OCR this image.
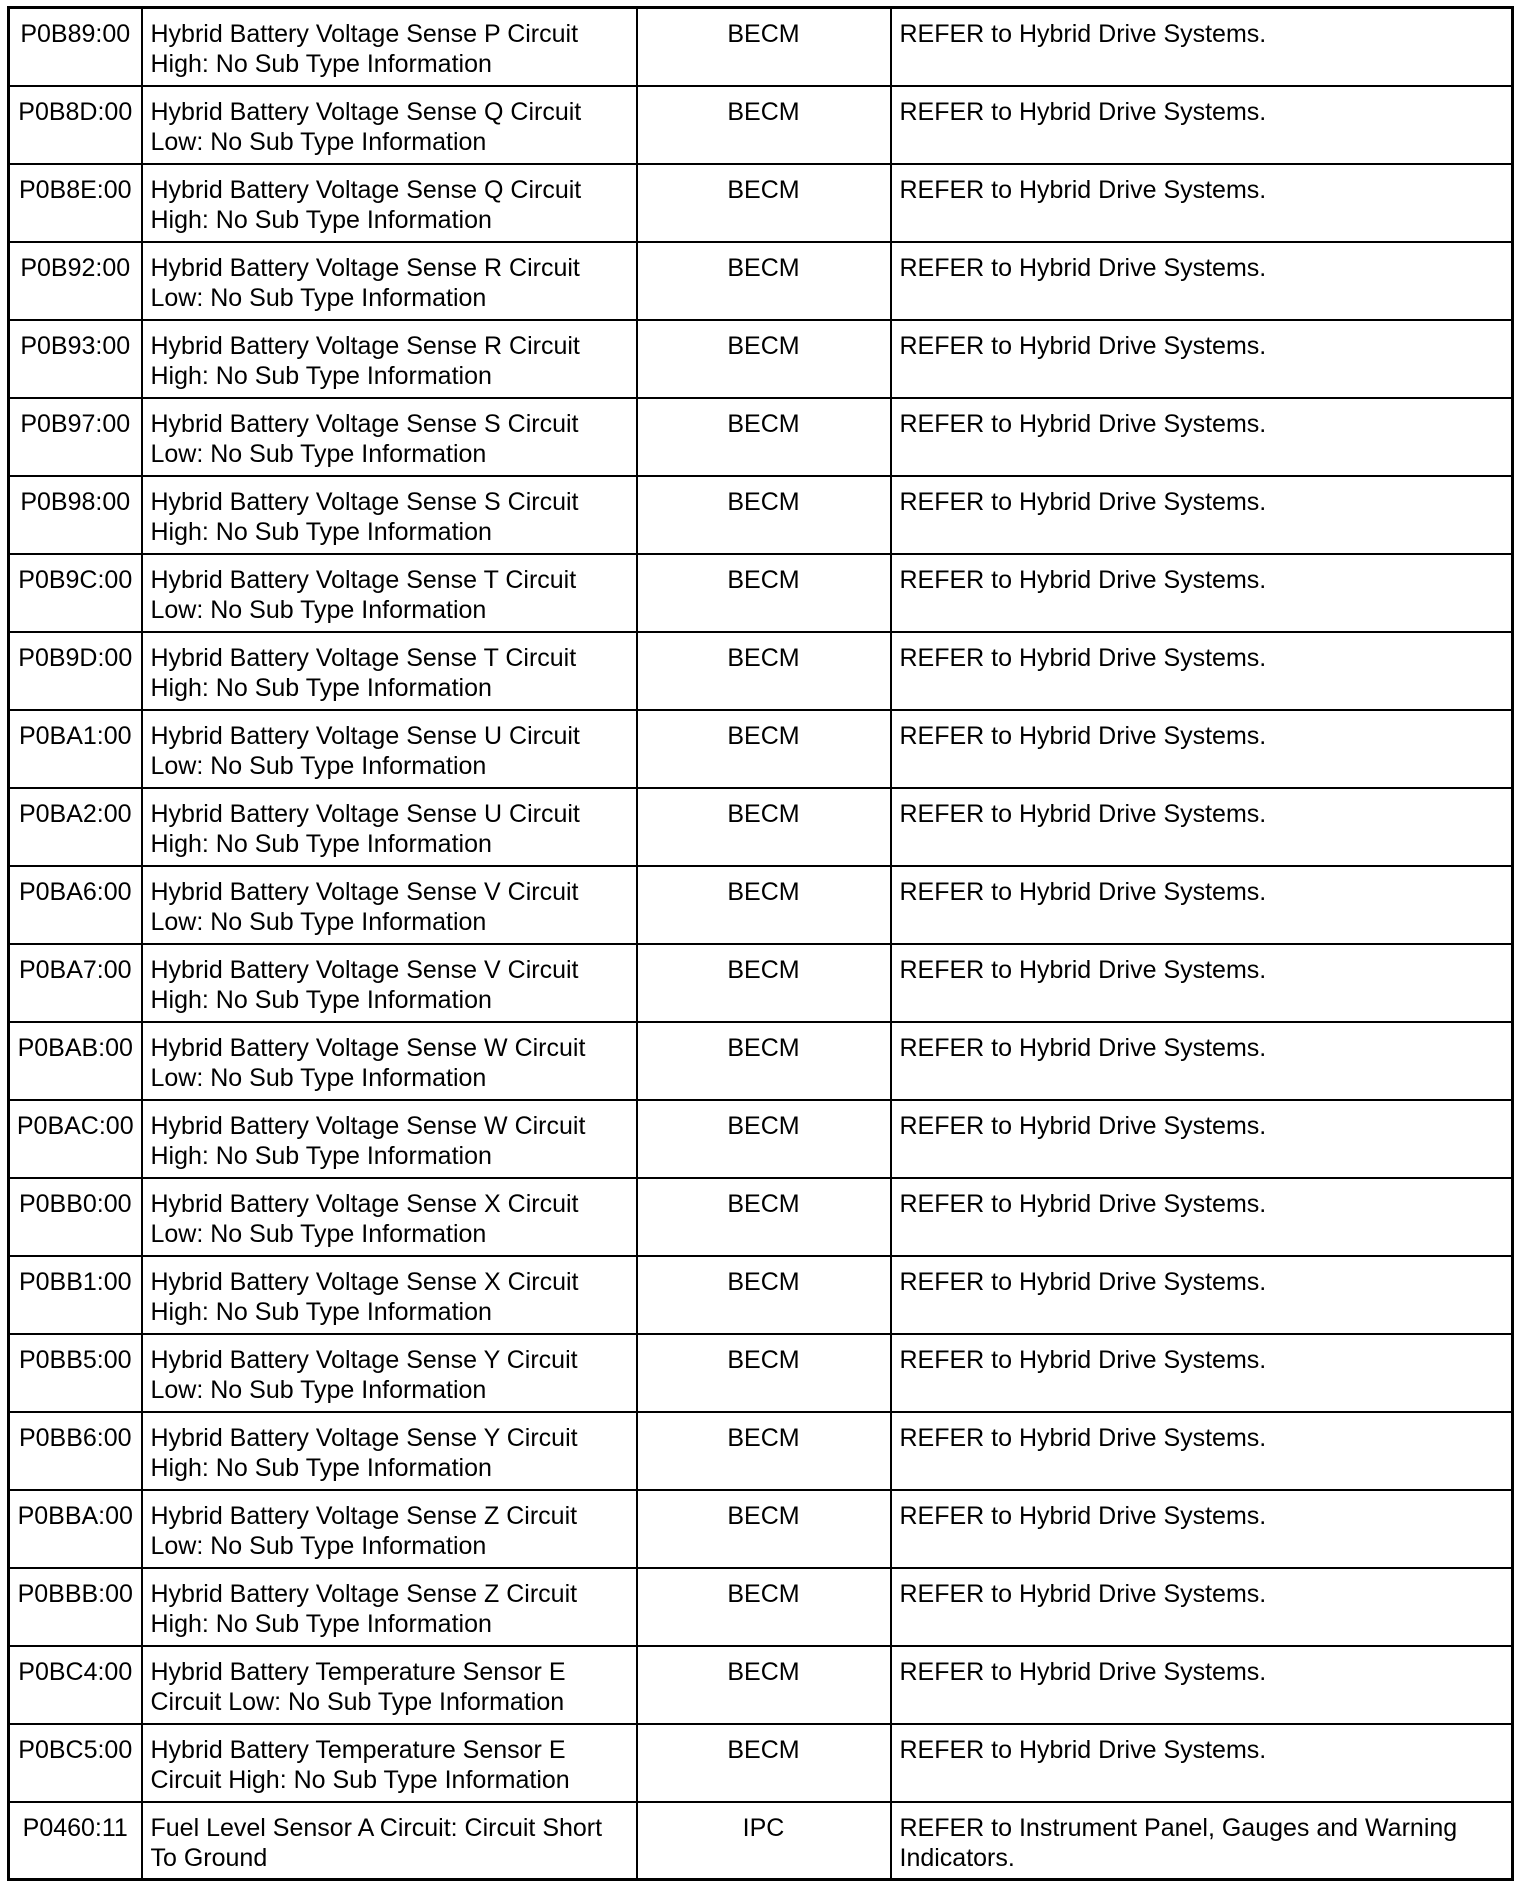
P0B89:00	Hybrid Battery Voltage Sense P Circuit High: No Sub Type Information	BECM	REFER to Hybrid Drive Systems.
P0B8D:00	Hybrid Battery Voltage Sense Q Circuit Low: No Sub Type Information	BECM	REFER to Hybrid Drive Systems.
P0B8E:00	Hybrid Battery Voltage Sense Q Circuit High: No Sub Type Information	BECM	REFER to Hybrid Drive Systems.
P0B92:00	Hybrid Battery Voltage Sense R Circuit Low: No Sub Type Information	BECM	REFER to Hybrid Drive Systems.
P0B93:00	Hybrid Battery Voltage Sense R Circuit High: No Sub Type Information	BECM	REFER to Hybrid Drive Systems.
P0B97:00	Hybrid Battery Voltage Sense S Circuit Low: No Sub Type Information	BECM	REFER to Hybrid Drive Systems.
P0B98:00	Hybrid Battery Voltage Sense S Circuit High: No Sub Type Information	BECM	REFER to Hybrid Drive Systems.
P0B9C:00	Hybrid Battery Voltage Sense T Circuit Low: No Sub Type Information	BECM	REFER to Hybrid Drive Systems.
P0B9D:00	Hybrid Battery Voltage Sense T Circuit High: No Sub Type Information	BECM	REFER to Hybrid Drive Systems.
P0BA1:00	Hybrid Battery Voltage Sense U Circuit Low: No Sub Type Information	BECM	REFER to Hybrid Drive Systems.
P0BA2:00	Hybrid Battery Voltage Sense U Circuit High: No Sub Type Information	BECM	REFER to Hybrid Drive Systems.
P0BA6:00	Hybrid Battery Voltage Sense V Circuit Low: No Sub Type Information	BECM	REFER to Hybrid Drive Systems.
P0BA7:00	Hybrid Battery Voltage Sense V Circuit High: No Sub Type Information	BECM	REFER to Hybrid Drive Systems.
P0BAB:00	Hybrid Battery Voltage Sense W Circuit Low: No Sub Type Information	BECM	REFER to Hybrid Drive Systems.
P0BAC:00	Hybrid Battery Voltage Sense W Circuit High: No Sub Type Information	BECM	REFER to Hybrid Drive Systems.
P0BB0:00	Hybrid Battery Voltage Sense X Circuit Low: No Sub Type Information	BECM	REFER to Hybrid Drive Systems.
P0BB1:00	Hybrid Battery Voltage Sense X Circuit High: No Sub Type Information	BECM	REFER to Hybrid Drive Systems.
P0BB5:00	Hybrid Battery Voltage Sense Y Circuit Low: No Sub Type Information	BECM	REFER to Hybrid Drive Systems.
P0BB6:00	Hybrid Battery Voltage Sense Y Circuit High: No Sub Type Information	BECM	REFER to Hybrid Drive Systems.
P0BBA:00	Hybrid Battery Voltage Sense Z Circuit Low: No Sub Type Information	BECM	REFER to Hybrid Drive Systems.
P0BBB:00	Hybrid Battery Voltage Sense Z Circuit High: No Sub Type Information	BECM	REFER to Hybrid Drive Systems.
P0BC4:00	Hybrid Battery Temperature Sensor E Circuit Low: No Sub Type Information	BECM	REFER to Hybrid Drive Systems.
P0BC5:00	Hybrid Battery Temperature Sensor E Circuit High: No Sub Type Information	BECM	REFER to Hybrid Drive Systems.
P0460:11	Fuel Level Sensor A Circuit: Circuit Short To Ground	IPC	REFER to Instrument Panel, Gauges and Warning Indicators.
